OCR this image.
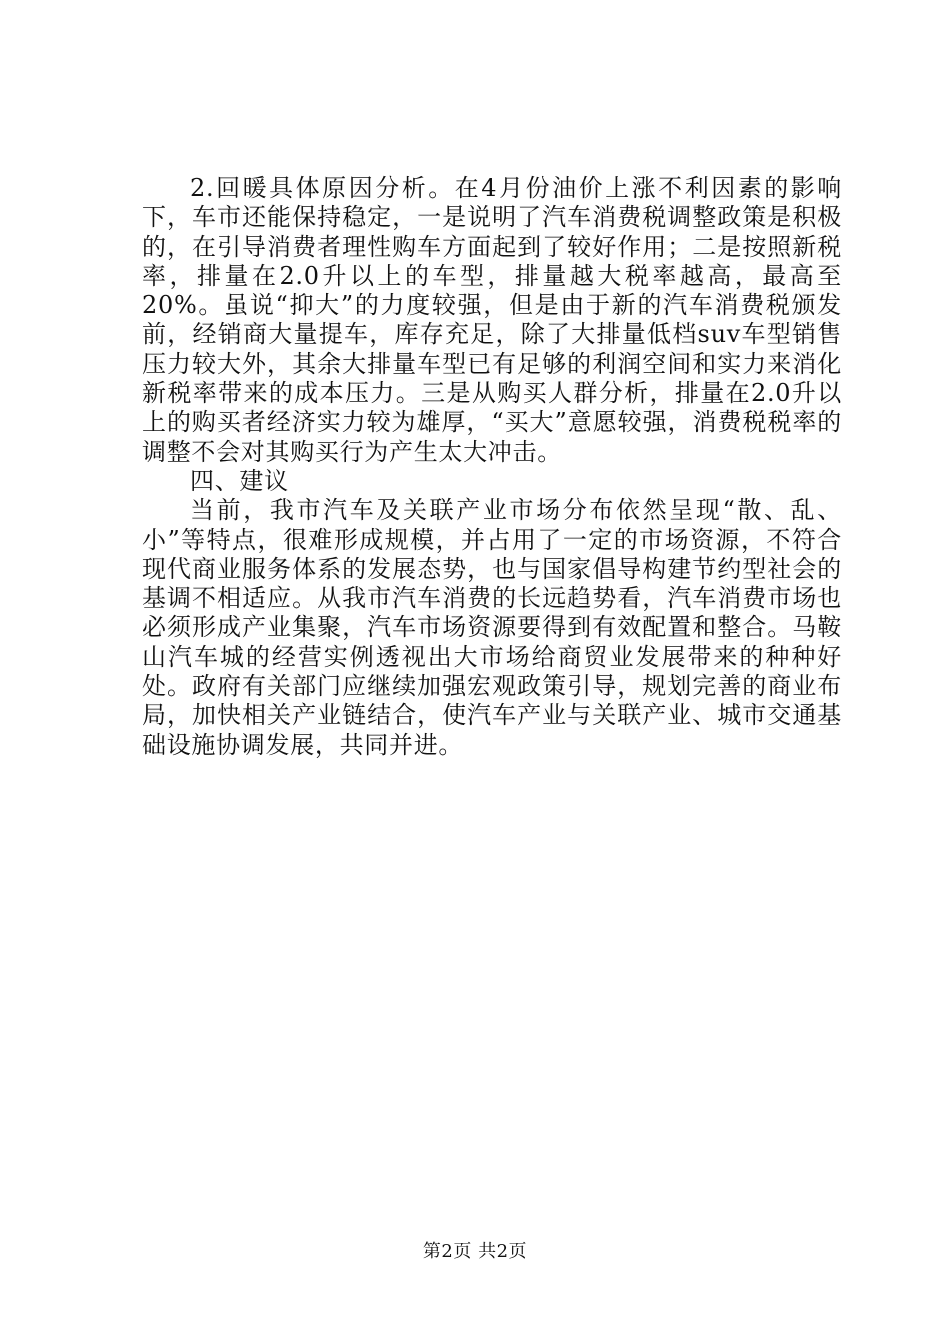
2.回暖具体原因分析。在4月份油价上涨不利因素的影响下，车市还能保持稳定，一是说明了汽车消费税调整政策是积极的，在引导消费者理性购车方面起到了较好作用；二是按照新税率，排量在2.0升以上的车型，排量越大税率越高，最高至20%。虽说“抑大”的力度较强，但是由于新的汽车消费税颁发前，经销商大量提车，库存充足，除了大排量低档suv车型销售压力较大外，其余大排量车型已有足够的利润空间和实力来消化新税率带来的成本压力。三是从购买人群分析，排量在2.0升以上的购买者经济实力较为雄厚，“买大”意愿较强，消费税税率的调整不会对其购买行为产生太大冲击。

四、建议

当前，我市汽车及关联产业市场分布依然呈现“散、乱、小”等特点，很难形成规模，并占用了一定的市场资源，不符合现代商业服务体系的发展态势，也与国家倡导构建节约型社会的基调不相适应。从我市汽车消费的长远趋势看，汽车消费市场也必须形成产业集聚，汽车市场资源要得到有效配置和整合。马鞍山汽车城的经营实例透视出大市场给商贸业发展带来的种种好处。政府有关部门应继续加强宏观政策引导，规划完善的商业布局，加快相关产业链结合，使汽车产业与关联产业、城市交通基础设施协调发展，共同并进。

第2页 共2页
